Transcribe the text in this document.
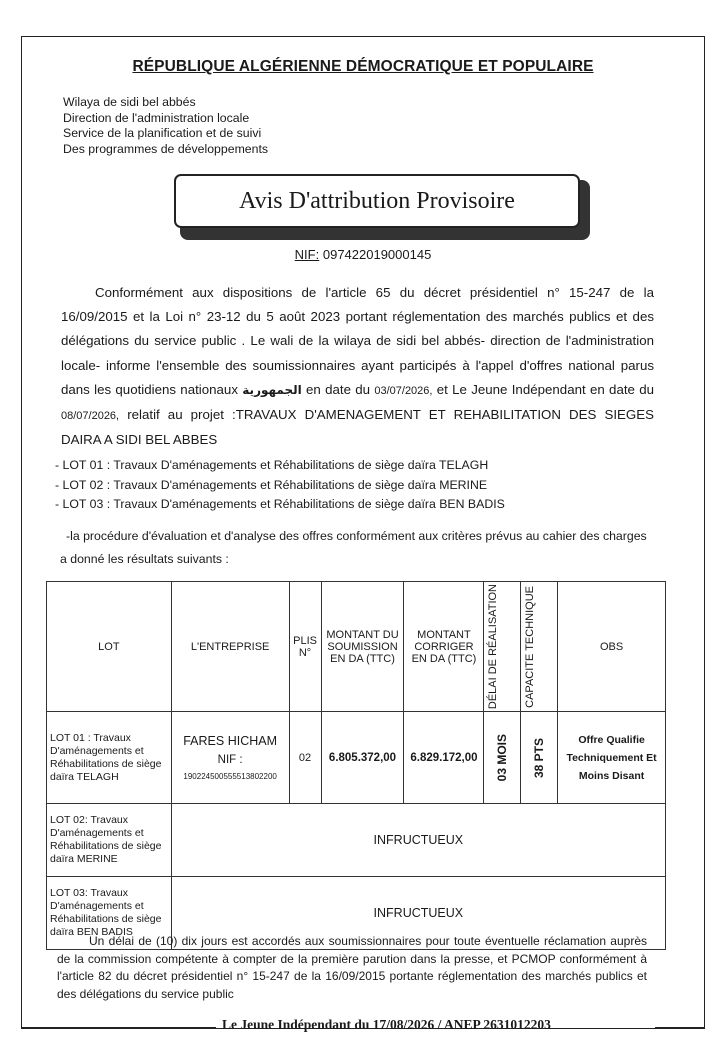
RÉPUBLIQUE ALGÉRIENNE DÉMOCRATIQUE ET POPULAIRE
Wilaya de sidi bel abbés
Direction de l'administration locale
Service de la planification et de suivi
Des programmes de développements
Avis D'attribution Provisoire
NIF: 097422019000145

Conformément aux dispositions de l'article 65 du décret présidentiel n° 15-247 de la 16/09/2015 et la Loi n° 23-12 du 5 août 2023 portant réglementation des marchés publics et des délégations du service public . Le wali de la wilaya de sidi bel abbés- direction de l'administration locale- informe l'ensemble des soumissionnaires ayant participés à l'appel d'offres national parus dans les quotidiens nationaux الجمهورية en date du 03/07/2026, et Le Jeune Indépendant en date du 08/07/2026, relatif au projet :TRAVAUX D'AMENAGEMENT ET REHABILITATION DES SIEGES DAIRA A SIDI BEL ABBES

- LOT 01 : Travaux D'aménagements et Réhabilitations de siège daïra TELAGH
- LOT 02 : Travaux D'aménagements et Réhabilitations de siège daïra MERINE
- LOT 03 : Travaux D'aménagements et Réhabilitations de siège daïra BEN BADIS

-la procédure d'évaluation et d'analyse des offres conformément aux critères prévus au cahier des charges a donné les résultats suivants :

LOT	L'ENTREPRISE	PLIS N°	MONTANT DU SOUMISSION EN DA (TTC)	MONTANT CORRIGER EN DA (TTC)	DÉLAI DE RÉALISATION	CAPACITE TECHNIQUE	OBS
LOT 01 : Travaux D'aménagements et Réhabilitations de siège daïra TELAGH	FARES HICHAM
NIF :
190224500555513802200	02	6.805.372,00	6.829.172,00	03 MOIS	38 PTS	Offre Qualifie Techniquement Et Moins Disant
LOT 02: Travaux D'aménagements et Réhabilitations de siège daïra MERINE	INFRUCTUEUX						
LOT 03: Travaux D'aménagements et Réhabilitations de siège daïra BEN BADIS	INFRUCTUEUX						

Un délai de (10) dix jours est accordés aux soumissionnaires pour toute éventuelle réclamation auprès de la commission compétente à compter de la première parution dans la presse, et PCMOP conformément à l'article 82 du décret présidentiel n° 15-247 de la 16/09/2015 portante réglementation des marchés publics et des délégations du service public

Le Jeune Indépendant du 17/08/2026 / ANEP 2631012203
